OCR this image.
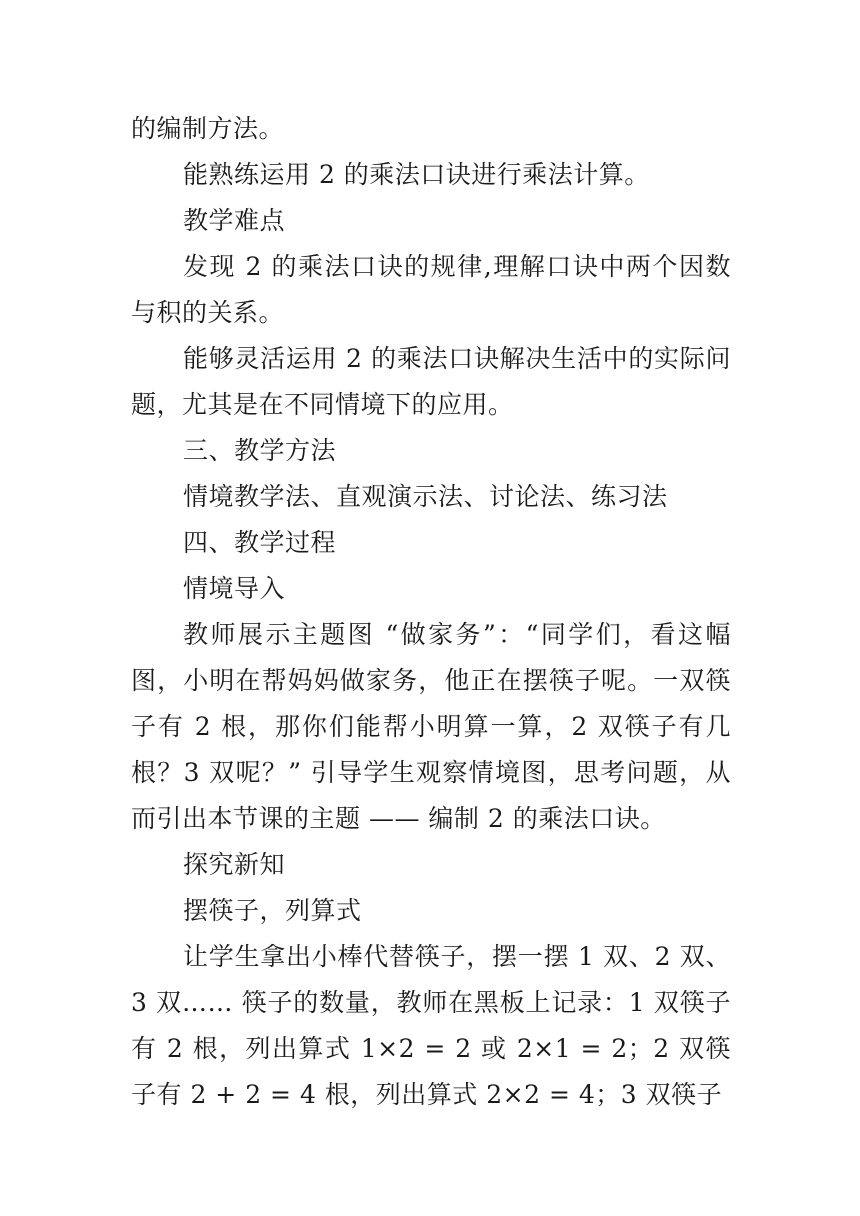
的编制方法。

能熟练运用 2 的乘法口诀进行乘法计算。

教学难点

发现 2 的乘法口诀的规律,理解口诀中两个因数与积的关系。

能够灵活运用 2 的乘法口诀解决生活中的实际问题，尤其是在不同情境下的应用。

三、教学方法

情境教学法、直观演示法、讨论法、练习法

四、教学过程

情境导入

教师展示主题图 “做家务”：“同学们，看这幅图，小明在帮妈妈做家务，他正在摆筷子呢。一双筷子有 2 根，那你们能帮小明算一算，2 双筷子有几根？3 双呢？” 引导学生观察情境图，思考问题，从而引出本节课的主题 —— 编制 2 的乘法口诀。

探究新知

摆筷子，列算式

让学生拿出小棒代替筷子，摆一摆 1 双、2 双、3 双…… 筷子的数量，教师在黑板上记录：1 双筷子有 2 根，列出算式 1×2 = 2 或 2×1 = 2；2 双筷子有 2 + 2 = 4 根，列出算式 2×2 = 4；3 双筷子
